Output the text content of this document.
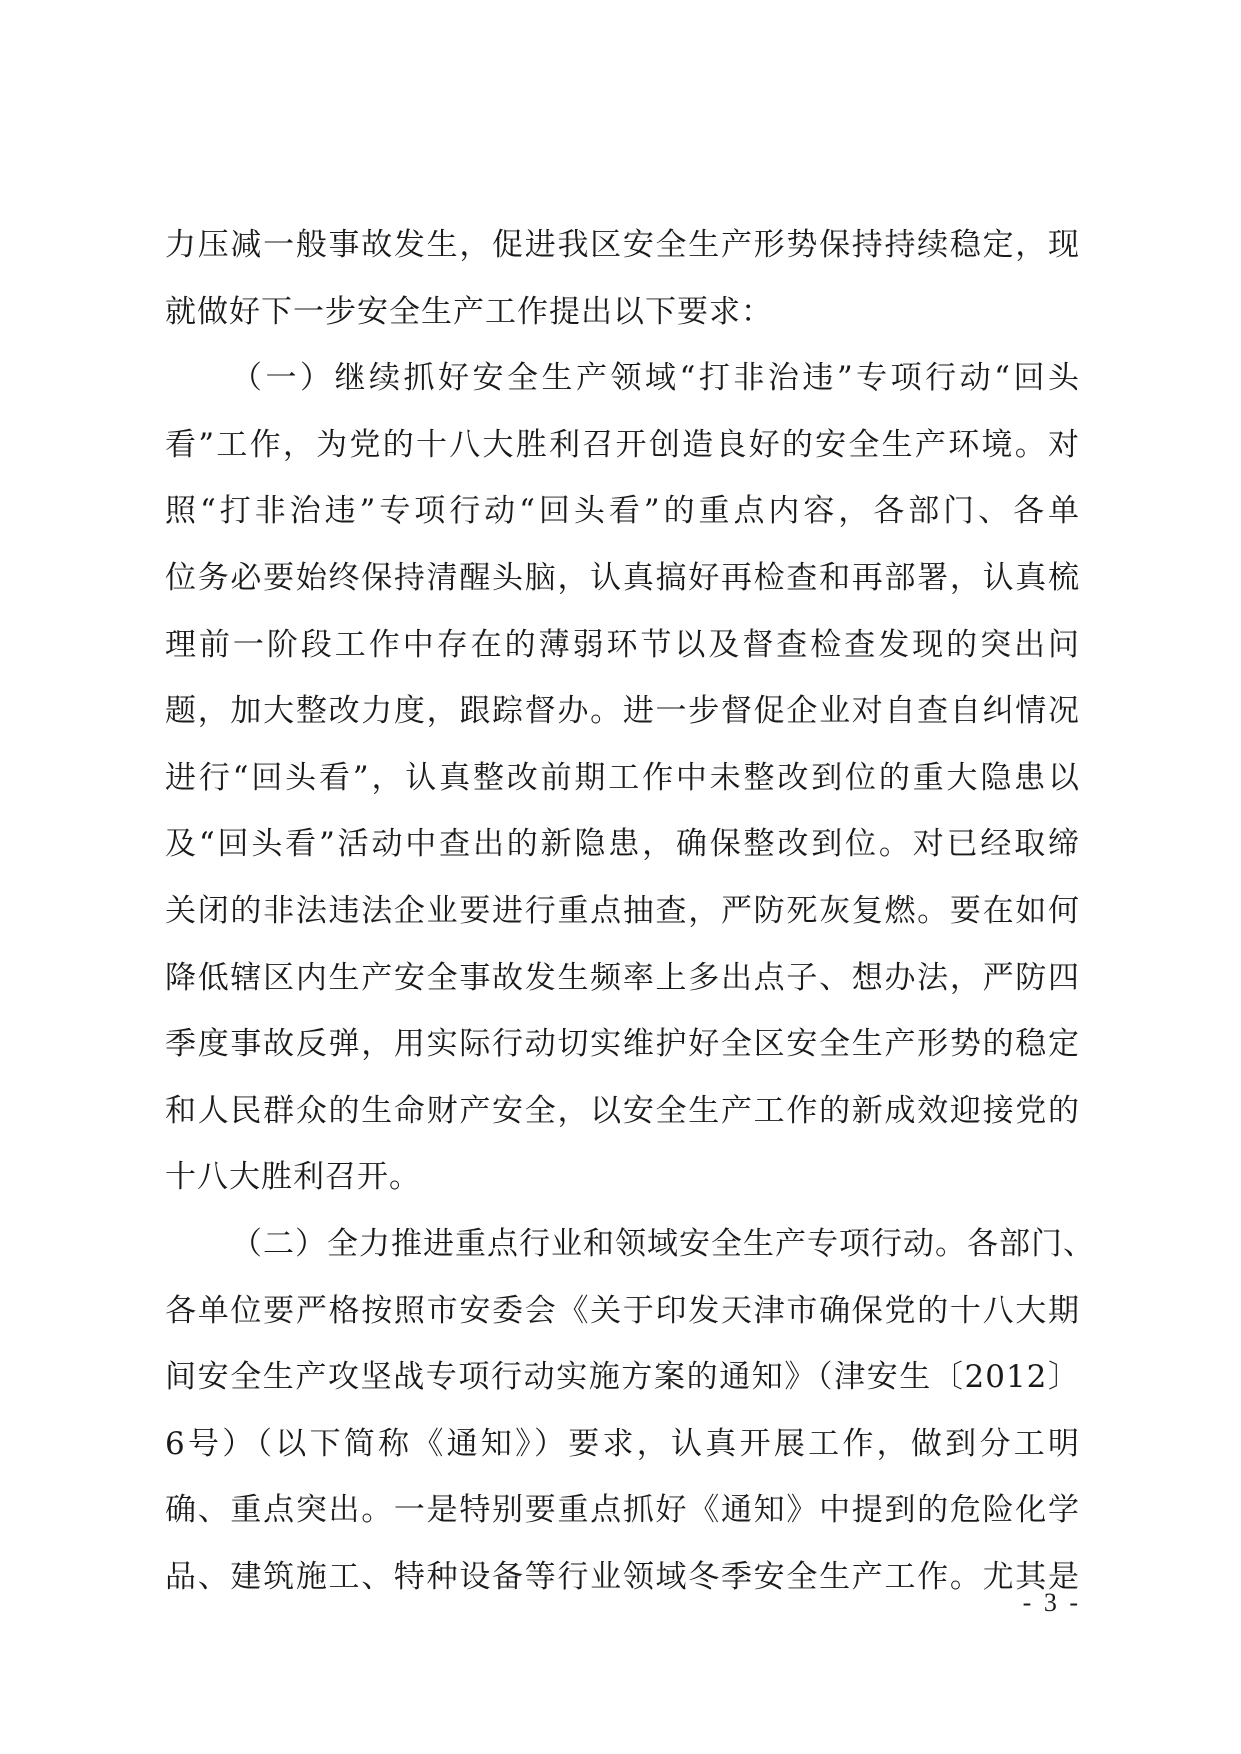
力压减一般事故发生，促进我区安全生产形势保持持续稳定，现
就做好下一步安全生产工作提出以下要求：
（一）继续抓好安全生产领域“打非治违”专项行动“回头
看”工作，为党的十八大胜利召开创造良好的安全生产环境。对
照“打非治违”专项行动“回头看”的重点内容，各部门、各单
位务必要始终保持清醒头脑，认真搞好再检查和再部署，认真梳
理前一阶段工作中存在的薄弱环节以及督查检查发现的突出问
题，加大整改力度，跟踪督办。进一步督促企业对自查自纠情况
进行“回头看”，认真整改前期工作中未整改到位的重大隐患以
及“回头看”活动中查出的新隐患，确保整改到位。对已经取缔
关闭的非法违法企业要进行重点抽查，严防死灰复燃。要在如何
降低辖区内生产安全事故发生频率上多出点子、想办法，严防四
季度事故反弹，用实际行动切实维护好全区安全生产形势的稳定
和人民群众的生命财产安全，以安全生产工作的新成效迎接党的
十八大胜利召开。
（二）全力推进重点行业和领域安全生产专项行动。各部门、
各单位要严格按照市安委会《关于印发天津市确保党的十八大期
间安全生产攻坚战专项行动实施方案的通知》（津安生〔2012〕
6号）（以下简称《通知》）要求，认真开展工作，做到分工明
确、重点突出。一是特别要重点抓好《通知》中提到的危险化学
品、建筑施工、特种设备等行业领域冬季安全生产工作。尤其是
- 3 -
